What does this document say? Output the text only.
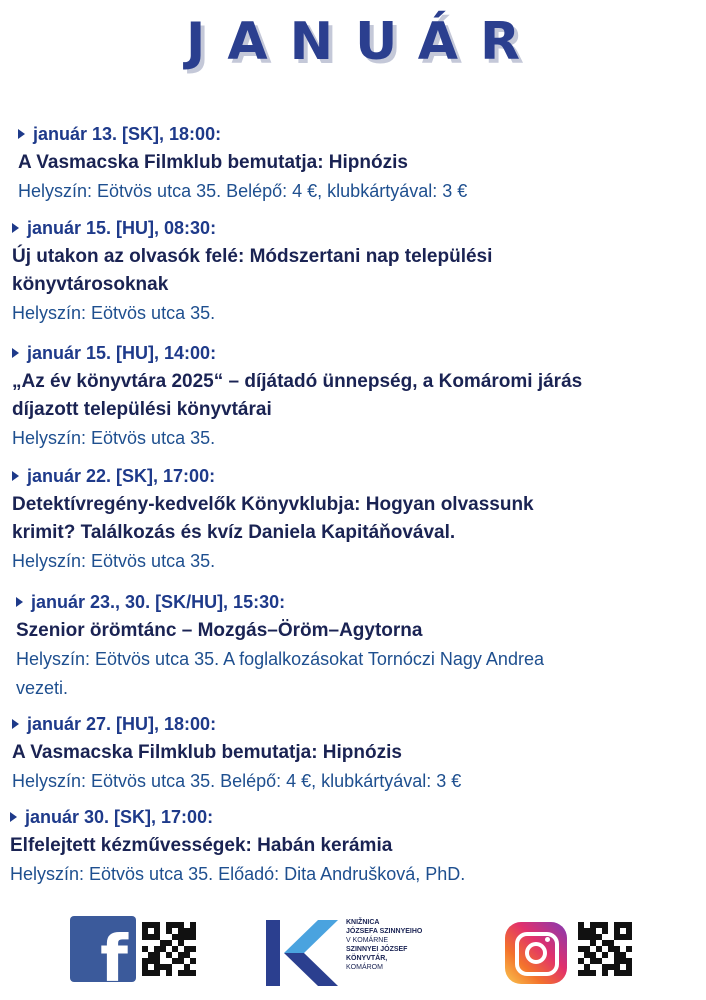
JANUÁR
január 13. [SK], 18:00:
A Vasmacska Filmklub bemutatja: Hipnózis
Helyszín: Eötvös utca 35. Belépő: 4 €, klubkártyával: 3 €
január 15. [HU], 08:30:
Új utakon az olvasók felé: Módszertani nap települési
könyvtárosoknak
Helyszín: Eötvös utca 35.
január 15. [HU], 14:00:
„Az év könyvtára 2025“ – díjátadó ünnepség, a Komáromi járás
díjazott települési könyvtárai
Helyszín: Eötvös utca 35.
január 22. [SK], 17:00:
Detektívregény-kedvelők Könyvklubja: Hogyan olvassunk
krimit? Találkozás és kvíz Daniela Kapitáňovával.
Helyszín: Eötvös utca 35.
január 23., 30. [SK/HU], 15:30:
Szenior örömtánc – Mozgás–Öröm–Agytorna
Helyszín: Eötvös utca 35. A foglalkozásokat Tornóczi Nagy Andrea
vezeti.
január 27. [HU], 18:00:
A Vasmacska Filmklub bemutatja: Hipnózis
Helyszín: Eötvös utca 35. Belépő: 4 €, klubkártyával: 3 €
január 30. [SK], 17:00:
Elfelejtett kézművességek: Habán kerámia
Helyszín: Eötvös utca 35. Előadó: Dita Andrušková, PhD.
f
KNIŽNICA
JÓZSEFA SZINNYEIHO
V KOMÁRNE
SZINNYEI JÓZSEF
KÖNYVTÁR,
KOMÁROM
